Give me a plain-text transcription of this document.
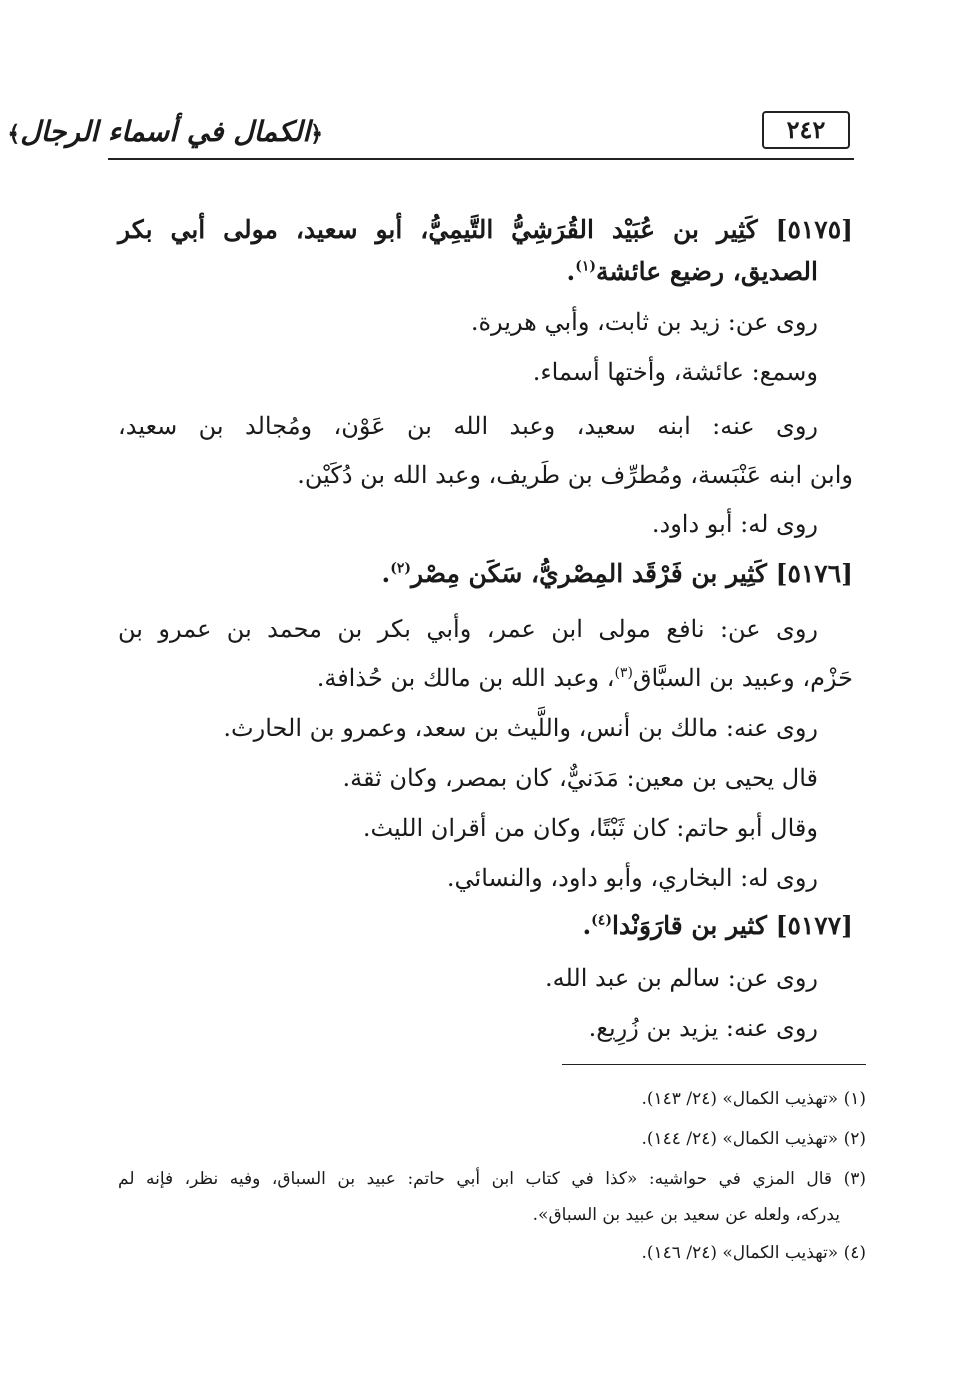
﴿الكمال في أسماء الرجال﴾	٢٤٢
[٥١٧٥] كَثِير بن عُبَيْد القُرَشِيُّ التَّيمِيُّ، أبو سعيد، مولى أبي بكر
الصديق، رضيع عائشة$^{(١)}$.
روى عن: زيد بن ثابت، وأبي هريرة.
وسمع: عائشة، وأختها أسماء.
روى عنه: ابنه سعيد، وعبد الله بن عَوْن، ومُجالد بن سعيد،
وابن ابنه عَنْبَسة، ومُطرِّف بن طَريف، وعبد الله بن دُكَيْن.
روى له: أبو داود.
[٥١٧٦] كَثِير بن فَرْقَد المِصْريُّ، سَكَن مِصْر$^{(٢)}$.
روى عن: نافع مولى ابن عمر، وأبي بكر بن محمد بن عمرو بن
حَزْم، وعبيد بن السبَّاق$^{(٣)}$، وعبد الله بن مالك بن حُذافة.
روى عنه: مالك بن أنس، واللَّيث بن سعد، وعمرو بن الحارث.
قال يحيى بن معين: مَدَنيٌّ، كان بمصر، وكان ثقة.
وقال أبو حاتم: كان ثَبْتًا، وكان من أقران الليث.
روى له: البخاري، وأبو داود، والنسائي.
[٥١٧٧] كثير بن قارَوَنْدا$^{(٤)}$.
روى عن: سالم بن عبد الله.
روى عنه: يزيد بن زُرِيع.
(١) «تهذيب الكمال» (٢٤/ ١٤٣).
(٢) «تهذيب الكمال» (٢٤/ ١٤٤).
(٣) قال المزي في حواشيه: «كذا في كتاب ابن أبي حاتم: عبيد بن السباق، وفيه نظر، فإنه لم
يدركه، ولعله عن سعيد بن عبيد بن السباق».
(٤) «تهذيب الكمال» (٢٤/ ١٤٦).
